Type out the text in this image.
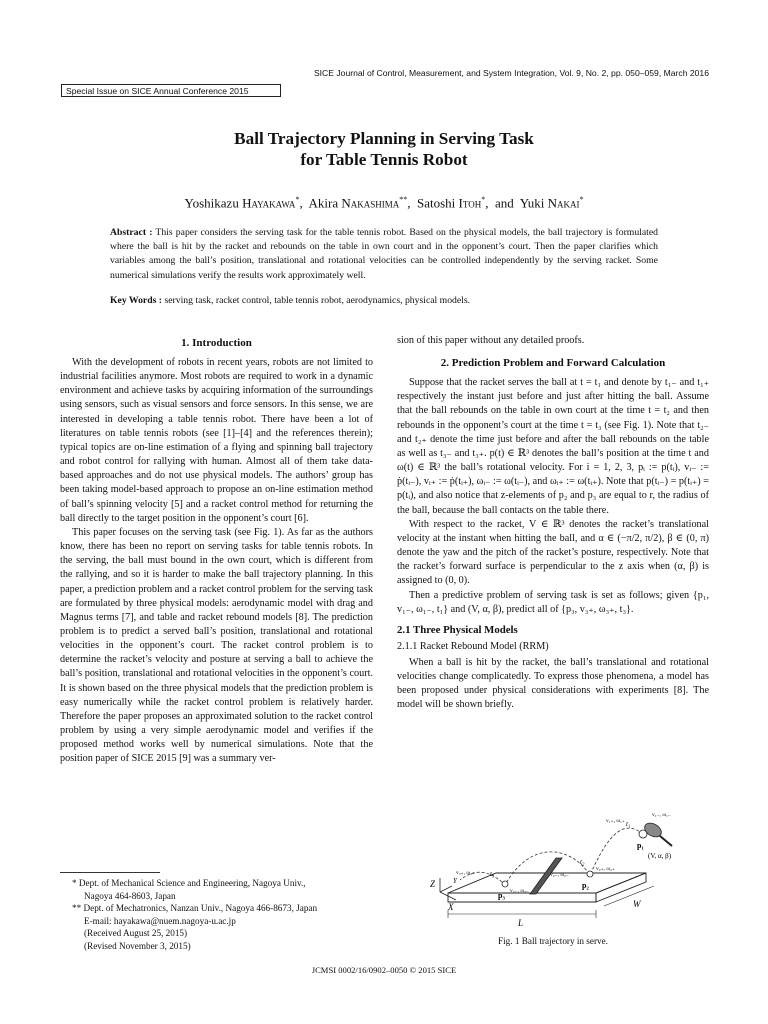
SICE Journal of Control, Measurement, and System Integration, Vol. 9, No. 2, pp. 050–059, March 2016
Special Issue on SICE Annual Conference 2015
Ball Trajectory Planning in Serving Task
for Table Tennis Robot
Yoshikazu Hayakawa*, Akira Nakashima**, Satoshi Itoh*, and Yuki Nakai*
Abstract : This paper considers the serving task for the table tennis robot. Based on the physical models, the ball trajectory is formulated where the ball is hit by the racket and rebounds on the table in own court and in the opponent’s court. Then the paper clarifies which variables among the ball’s position, translational and rotational velocities can be controlled independently by the serving racket. Some numerical simulations verify the results work approximately well.
Key Words : serving task, racket control, table tennis robot, aerodynamics, physical models.
1. Introduction

With the development of robots in recent years, robots are not limited to industrial facilities anymore. Most robots are required to work in a dynamic environment and achieve tasks by acquiring information of the surroundings using sensors, such as visual sensors and force sensors. In this sense, we are interested in developing a table tennis robot. There have been a lot of literatures on table tennis robots (see [1]–[4] and the references therein); typical topics are on-line estimation of a flying and spinning ball trajectory and robot control for rallying with human. Almost all of them take data-based approaches and do not use physical models. The authors’ group has been taking model-based approach to propose an on-line estimation method of ball’s spinning velocity [5] and a racket control method for returning the ball directly to the target position in the opponent’s court [6].

This paper focuses on the serving task (see Fig. 1). As far as the authors know, there has been no report on serving tasks for table tennis robots. In the serving, the ball must bound in the own court, which is different from the rallying, and so it is harder to make the ball trajectory planning. In this paper, a prediction problem and a racket control problem for the serving task are formulated by three physical models: aerodynamic model with drag and Magnus terms [7], and table and racket rebound models [8]. The prediction problem is to predict a served ball’s position, translational and rotational velocities in the opponent’s court. The racket control problem is to determine the racket’s velocity and posture at serving a ball to achieve the ball’s position, translational and rotational velocities in the opponent’s court. It is shown based on the three physical models that the prediction problem is easy numerically while the racket control problem is relatively harder. Therefore the paper proposes an approximated solution to the racket control problem by using a very simple aerodynamic model and verifies if the proposed method works well by numerical simulations. Note that the position paper of SICE 2015 [9] was a summary ver-

sion of this paper without any detailed proofs.

2. Prediction Problem and Forward Calculation

Suppose that the racket serves the ball at t = t₁ and denote by t₁₋ and t₁₊ respectively the instant just before and just after hitting the ball. Assume that the ball rebounds on the table in own court at the time t = t₂ and then rebounds in the opponent’s court at the time t = t₃ (see Fig. 1). Note that t₂₋ and t₂₊ denote the time just before and after the ball rebounds on the table as well as t₃₋ and t₃₊. p(t) ∈ ℝ³ denotes the ball’s position at the time t and ω(t) ∈ ℝ³ the ball’s rotational velocity. For i = 1, 2, 3, pᵢ := p(tᵢ), vᵢ₋ := ṗ(tᵢ₋), vᵢ₊ := ṗ(tᵢ₊), ωᵢ₋ := ω(tᵢ₋), and ωᵢ₊ := ω(tᵢ₊). Note that p(tᵢ₋) = p(tᵢ₊) = p(tᵢ), and also notice that z-elements of p₂ and p₃ are equal to r, the radius of the ball, because the ball contacts on the table there.

With respect to the racket, V ∈ ℝ³ denotes the racket’s translational velocity at the instant when hitting the ball, and α ∈ (−π/2, π/2), β ∈ (0, π) denote the yaw and the pitch of the racket’s posture, respectively. Note that the racket’s forward surface is perpendicular to the z axis when (α, β) is assigned to (0, 0).

Then a predictive problem of serving task is set as follows; given {p₁, v₁₋, ω₁₋, t₁} and (V, α, β), predict all of {p₃, v₃₊, ω₃₊, t₃}.

2.1 Three Physical Models
2.1.1 Racket Rebound Model (RRM)

When a ball is hit by the racket, the ball’s translational and rotational velocities change complicatedly. To express those phenomena, a model has been proposed under physical considerations with experiments [8]. The model will be shown briefly.

* Dept. of Mechanical Science and Engineering, Nagoya Univ.,
Nagoya 464-8603, Japan
** Dept. of Mechatronics, Nanzan Univ., Nagoya 466-8673, Japan
E-mail: hayakawa@nuem.nagoya-u.ac.jp
(Received August 25, 2015)
(Revised November 3, 2015)
L
W
Z
X
Y
p₁
p₂
p₃
t₁
t₂
t₃
(V, α, β)
v₁₋, ω₁₋
v₁₊, ω₁₊
v₂₋, ω₂₋
v₂₊, ω₂₊
v₃₋, ω₃₋
v₃₊, ω₃₊
Fig. 1 Ball trajectory in serve.
JCMSI 0002/16/0902–0050 © 2015 SICE
